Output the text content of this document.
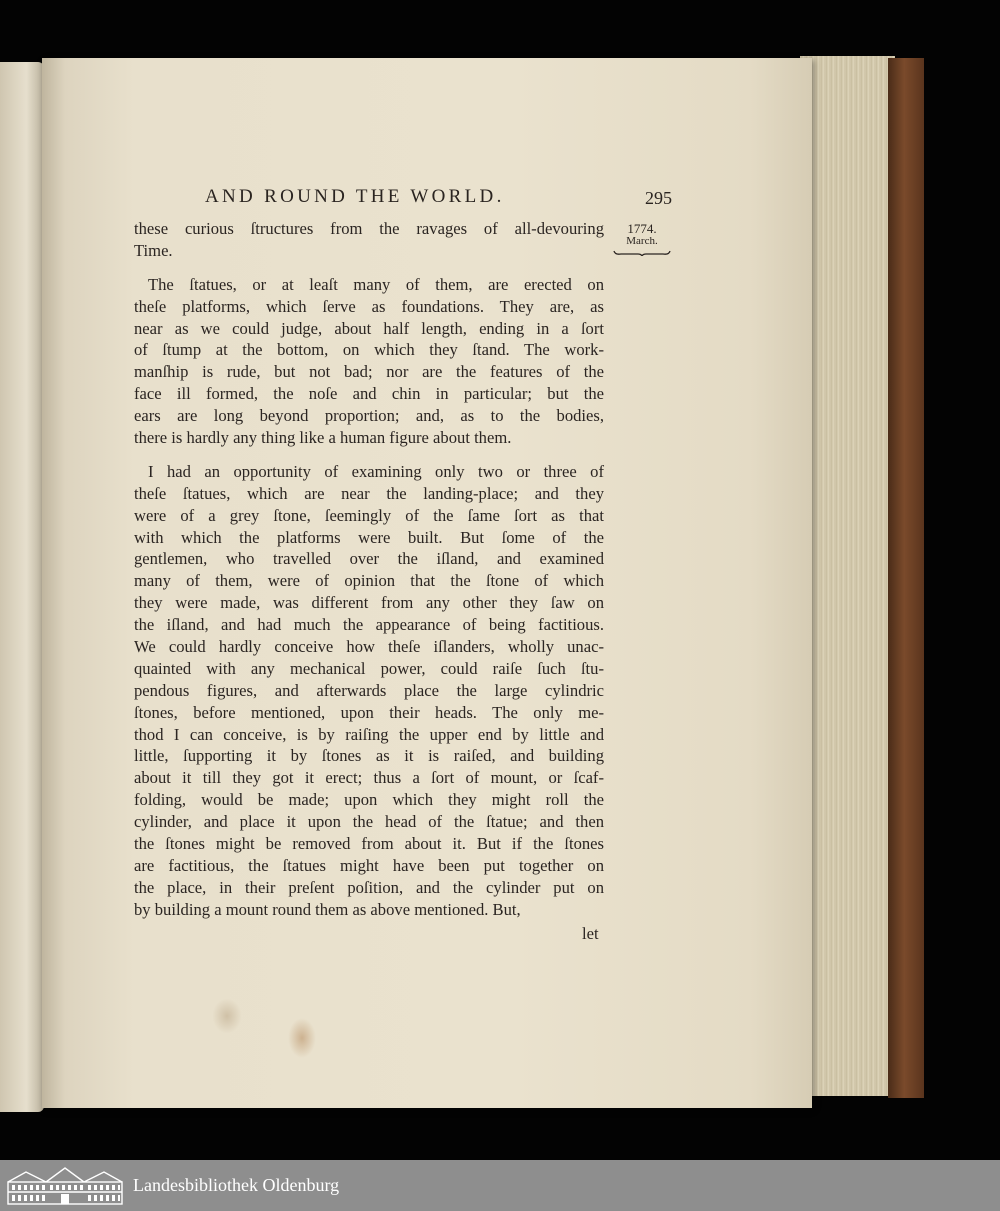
AND ROUND THE WORLD.	295
1774.
March.
these curious ſtructures from the ravages of all-devouring
Time.
The ſtatues, or at leaſt many of them, are erected on
theſe platforms, which ſerve as foundations. They are, as
near as we could judge, about half length, ending in a ſort
of ſtump at the bottom, on which they ſtand. The work-
manſhip is rude, but not bad; nor are the features of the
face ill formed, the noſe and chin in particular; but the
ears are long beyond proportion; and, as to the bodies,
there is hardly any thing like a human figure about them.
I had an opportunity of examining only two or three of
theſe ſtatues, which are near the landing-place; and they
were of a grey ſtone, ſeemingly of the ſame ſort as that
with which the platforms were built. But ſome of the
gentlemen, who travelled over the iſland, and examined
many of them, were of opinion that the ſtone of which
they were made, was different from any other they ſaw on
the iſland, and had much the appearance of being factitious.
We could hardly conceive how theſe iſlanders, wholly unac-
quainted with any mechanical power, could raiſe ſuch ſtu-
pendous figures, and afterwards place the large cylindric
ſtones, before mentioned, upon their heads. The only me-
thod I can conceive, is by raiſing the upper end by little and
little, ſupporting it by ſtones as it is raiſed, and building
about it till they got it erect; thus a ſort of mount, or ſcaf-
folding, would be made; upon which they might roll the
cylinder, and place it upon the head of the ſtatue; and then
the ſtones might be removed from about it. But if the ſtones
are factitious, the ſtatues might have been put together on
the place, in their preſent poſition, and the cylinder put on
by building a mount round them as above mentioned. But,
let
Landesbibliothek Oldenburg
